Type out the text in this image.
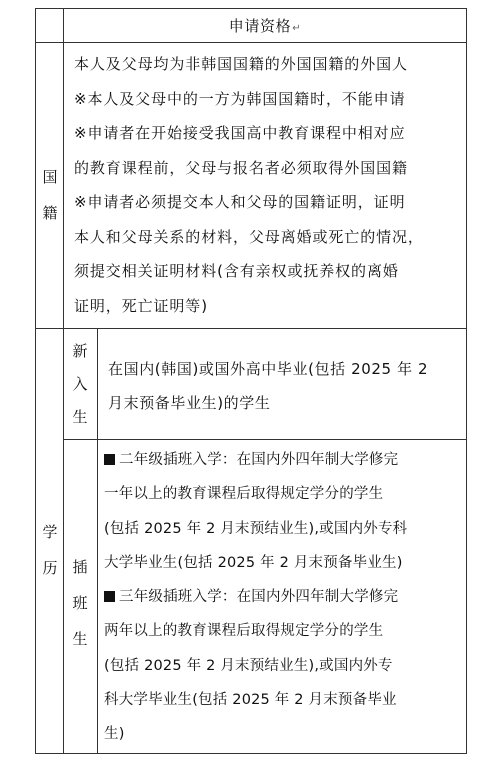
申请资格↵
国
籍
本人及父母均为非韩国国籍的外国国籍的外国人
※本人及父母中的一方为韩国国籍时，不能申请
※申请者在开始接受我国高中教育课程中相对应
的教育课程前，父母与报名者必须取得外国国籍
※申请者必须提交本人和父母的国籍证明，证明
本人和父母关系的材料，父母离婚或死亡的情况，
须提交相关证明材料(含有亲权或抚养权的离婚
证明，死亡证明等)
学
历
新
入
生
在国内(韩国)或国外高中毕业(包括 2025 年 2
月末预备毕业生)的学生
插
班
生
二年级插班入学：在国内外四年制大学修完
一年以上的教育课程后取得规定学分的学生
(包括 2025 年 2 月末预结业生),或国内外专科
大学毕业生(包括 2025 年 2 月末预备毕业生)
三年级插班入学：在国内外四年制大学修完
两年以上的教育课程后取得规定学分的学生
(包括 2025 年 2 月末预结业生),或国内外专
科大学毕业生(包括 2025 年 2 月末预备毕业
生)
